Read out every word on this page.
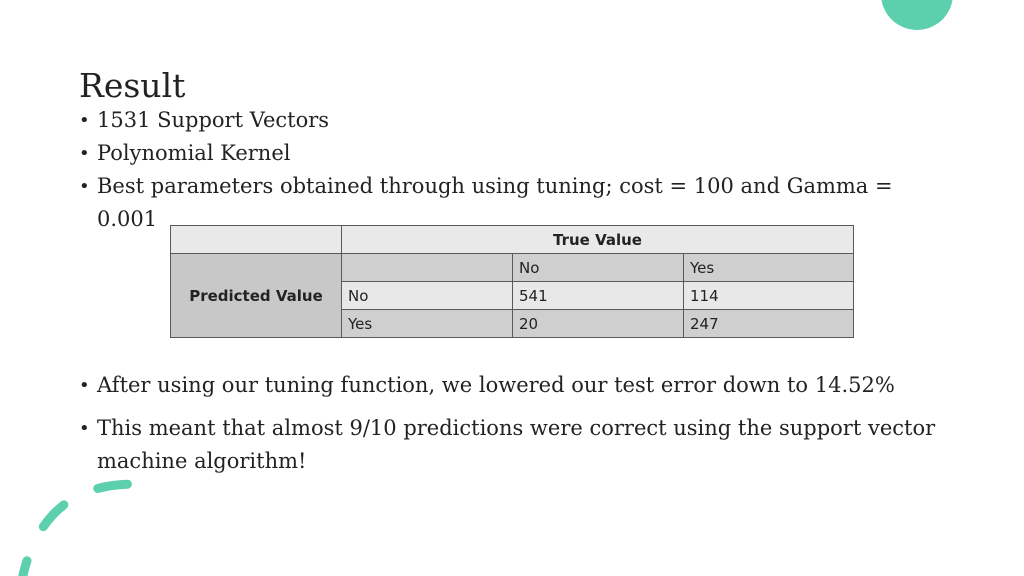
Result
• 1531 Support Vectors
• Polynomial Kernel
• Best parameters obtained through using tuning; cost = 100 and Gamma = 0.001
	True Value		
Predicted Value		No	Yes
	No	541	114
	Yes	20	247
• After using our tuning function, we lowered our test error down to 14.52%
• This meant that almost 9/10 predictions were correct using the support vector machine algorithm!
